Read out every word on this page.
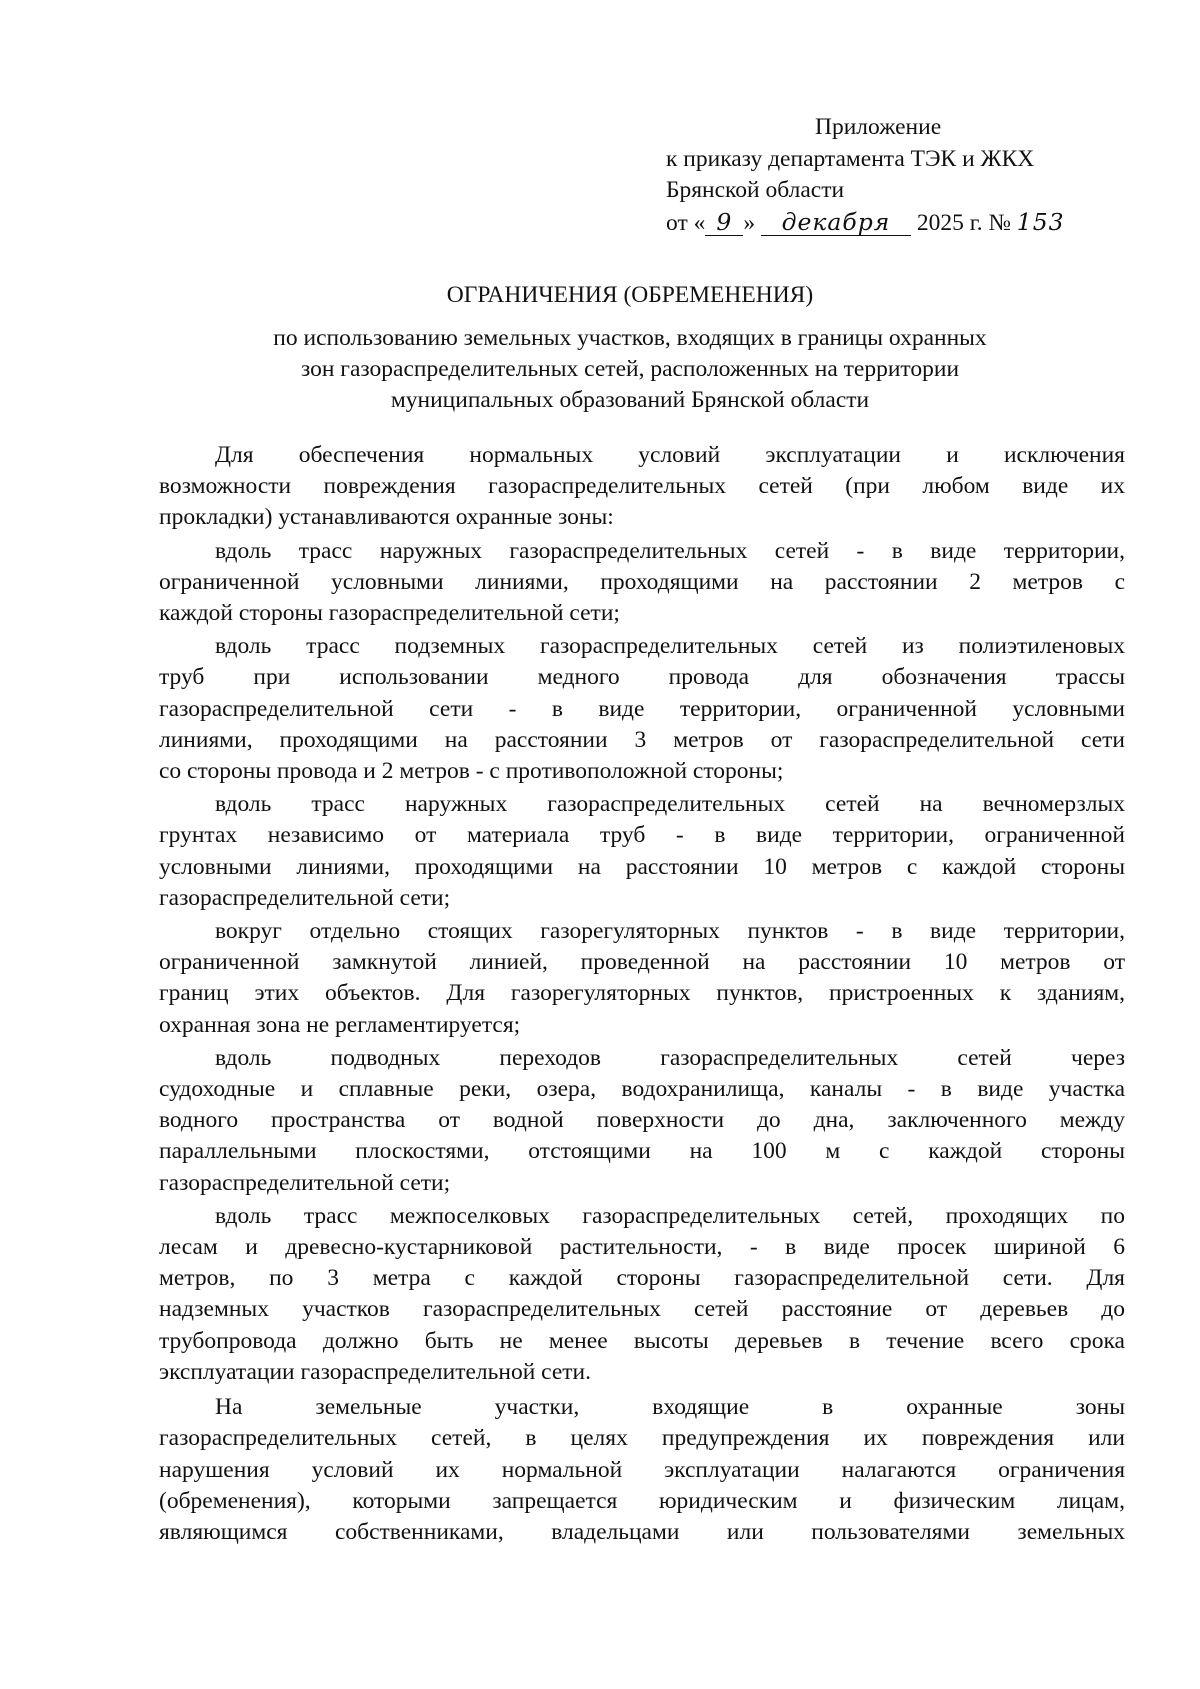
Приложение
к приказу департамента ТЭК и ЖКХ
Брянской области
от « 9 » декабря 2025 г. № 153
ОГРАНИЧЕНИЯ (ОБРЕМЕНЕНИЯ)
по использованию земельных участков, входящих в границы охранных
зон газораспределительных сетей, расположенных на территории
муниципальных образований Брянской области
Для обеспечения нормальных условий эксплуатации и исключения
возможности повреждения газораспределительных сетей (при любом виде их
прокладки) устанавливаются охранные зоны:
вдоль трасс наружных газораспределительных сетей - в виде территории,
ограниченной условными линиями, проходящими на расстоянии 2 метров с
каждой стороны газораспределительной сети;
вдоль трасс подземных газораспределительных сетей из полиэтиленовых
труб при использовании медного провода для обозначения трассы
газораспределительной сети - в виде территории, ограниченной условными
линиями, проходящими на расстоянии 3 метров от газораспределительной сети
со стороны провода и 2 метров - с противоположной стороны;
вдоль трасс наружных газораспределительных сетей на вечномерзлых
грунтах независимо от материала труб - в виде территории, ограниченной
условными линиями, проходящими на расстоянии 10 метров с каждой стороны
газораспределительной сети;
вокруг отдельно стоящих газорегуляторных пунктов - в виде территории,
ограниченной замкнутой линией, проведенной на расстоянии 10 метров от
границ этих объектов. Для газорегуляторных пунктов, пристроенных к зданиям,
охранная зона не регламентируется;
вдоль подводных переходов газораспределительных сетей через
судоходные и сплавные реки, озера, водохранилища, каналы - в виде участка
водного пространства от водной поверхности до дна, заключенного между
параллельными плоскостями, отстоящими на 100 м с каждой стороны
газораспределительной сети;
вдоль трасс межпоселковых газораспределительных сетей, проходящих по
лесам и древесно-кустарниковой растительности, - в виде просек шириной 6
метров, по 3 метра с каждой стороны газораспределительной сети. Для
надземных участков газораспределительных сетей расстояние от деревьев до
трубопровода должно быть не менее высоты деревьев в течение всего срока
эксплуатации газораспределительной сети.
На земельные участки, входящие в охранные зоны
газораспределительных сетей, в целях предупреждения их повреждения или
нарушения условий их нормальной эксплуатации налагаются ограничения
(обременения), которыми запрещается юридическим и физическим лицам,
являющимся собственниками, владельцами или пользователями земельных
